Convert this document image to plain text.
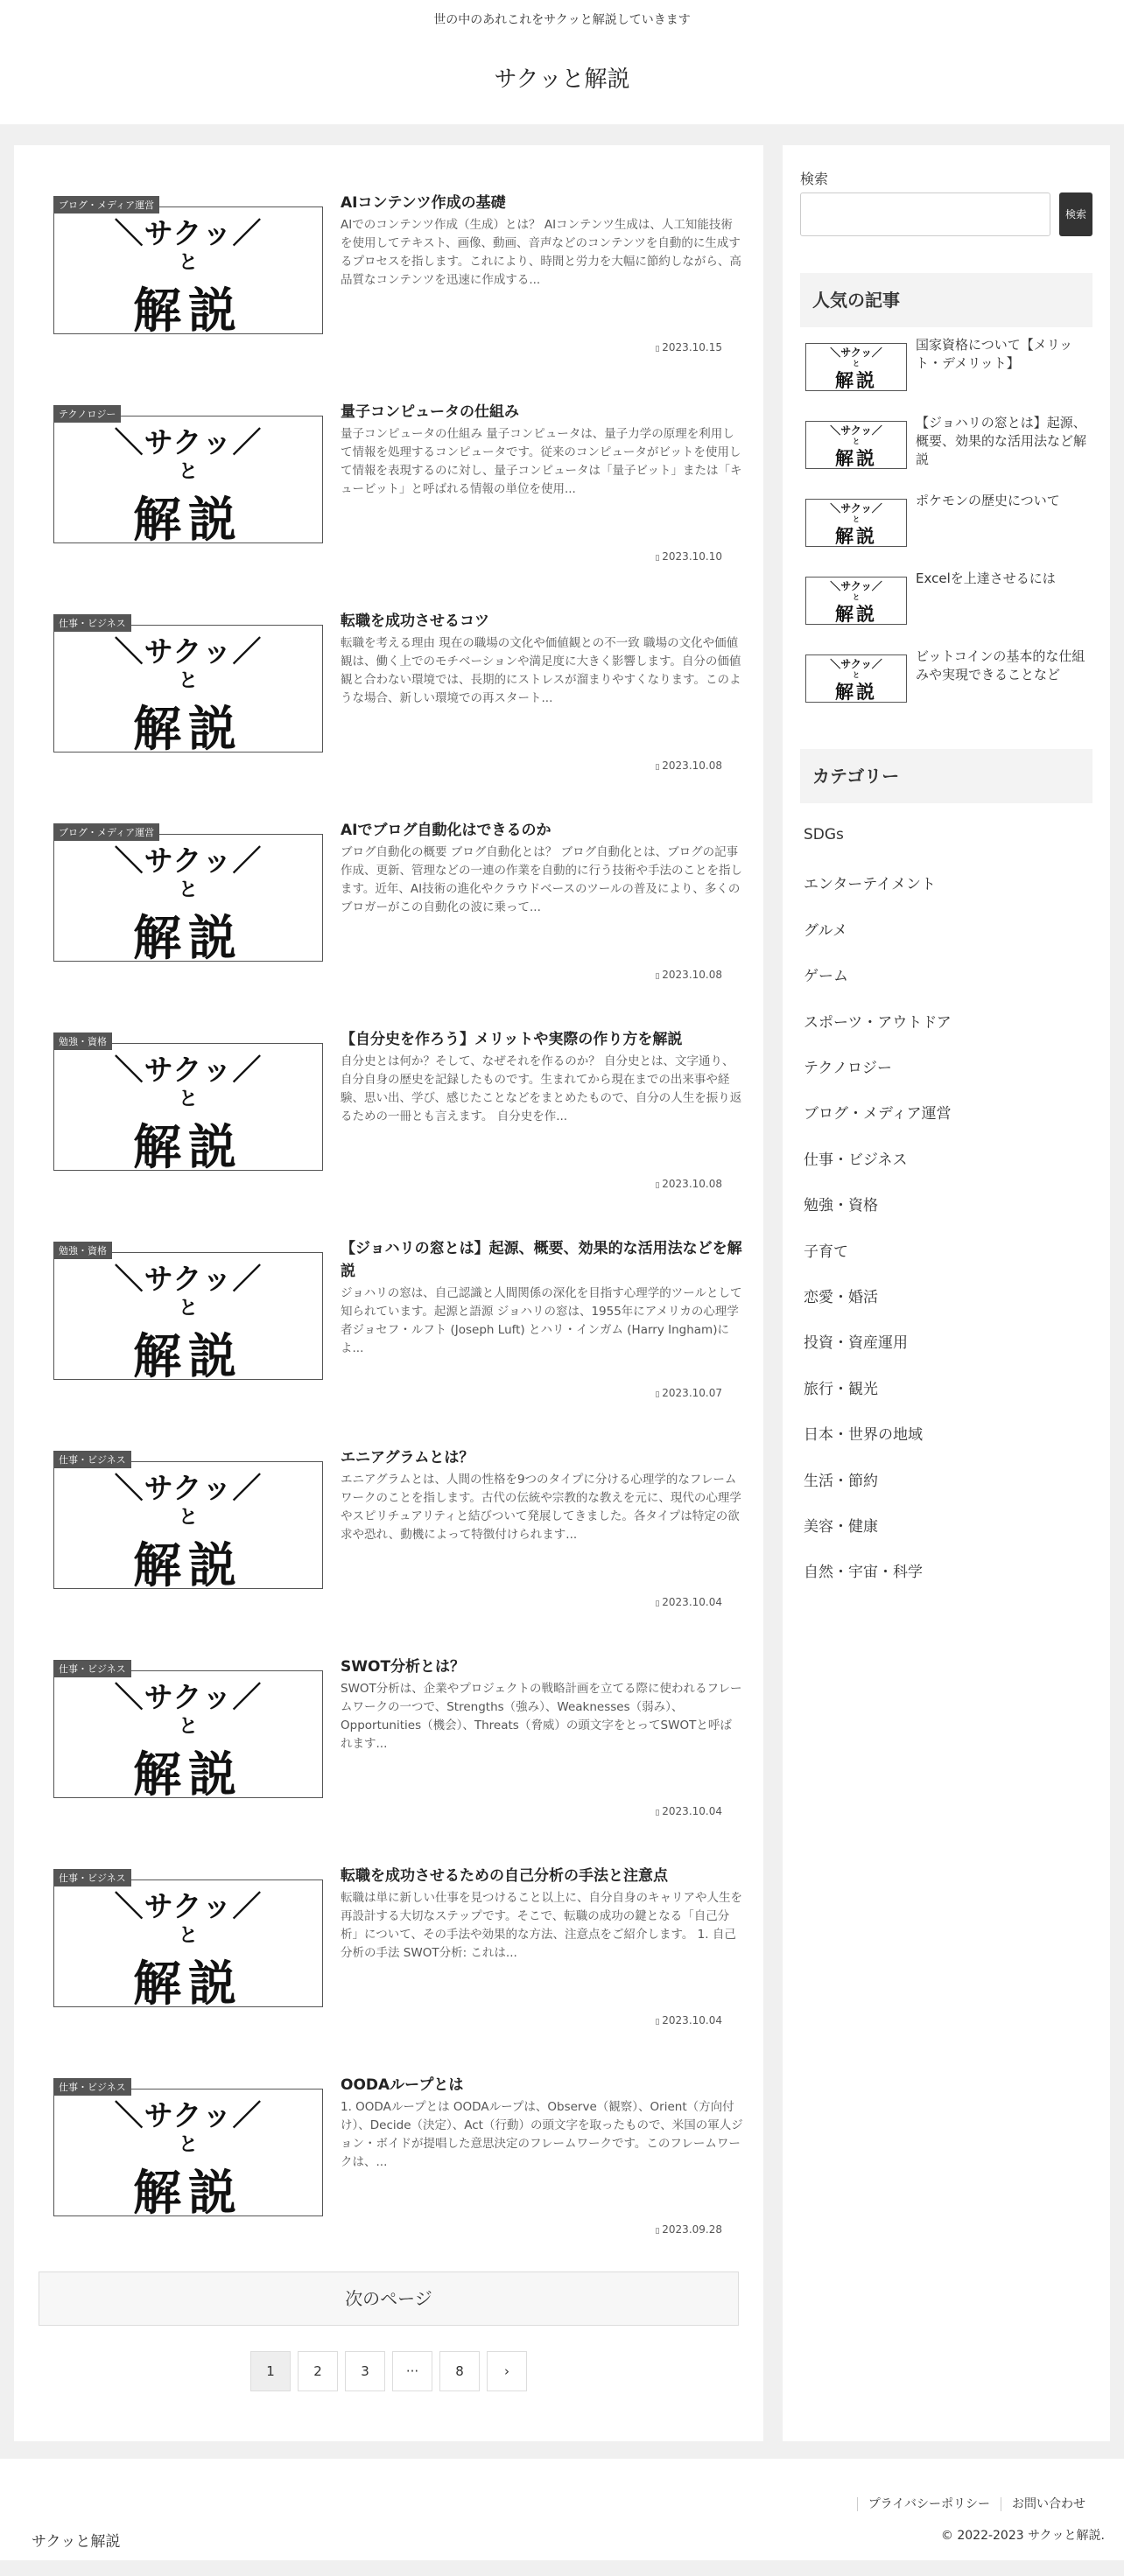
世の中のあれこれをサクッと解説していきます
サクッと解説
次のページ
1	2	3	···	8	›
＼サクッ／
と
解説
ブログ・メディア運営	AIコンテンツ作成の基礎
AIでのコンテンツ作成（生成）とは？ AIコンテンツ生成は、人工知能技術を使用してテキスト、画像、動画、音声などのコンテンツを自動的に生成するプロセスを指します。これにより、時間と労力を大幅に節約しながら、高品質なコンテンツを迅速に作成する...
▯ 2023.10.15
＼サクッ／
と
解説
テクノロジー	量子コンピュータの仕組み
量子コンピュータの仕組み 量子コンピュータは、量子力学の原理を利用して情報を処理するコンピュータです。従来のコンピュータがビットを使用して情報を表現するのに対し、量子コンピュータは「量子ビット」または「キュービット」と呼ばれる情報の単位を使用...
▯ 2023.10.10
＼サクッ／
と
解説
仕事・ビジネス	転職を成功させるコツ
転職を考える理由 現在の職場の文化や価値観との不一致 職場の文化や価値観は、働く上でのモチベーションや満足度に大きく影響します。自分の価値観と合わない環境では、長期的にストレスが溜まりやすくなります。このような場合、新しい環境での再スタート...
▯ 2023.10.08
＼サクッ／
と
解説
ブログ・メディア運営	AIでブログ自動化はできるのか
ブログ自動化の概要 ブログ自動化とは？ ブログ自動化とは、ブログの記事作成、更新、管理などの一連の作業を自動的に行う技術や手法のことを指します。近年、AI技術の進化やクラウドベースのツールの普及により、多くのブロガーがこの自動化の波に乗って...
▯ 2023.10.08
＼サクッ／
と
解説
勉強・資格	【自分史を作ろう】メリットや実際の作り方を解説
自分史とは何か？そして、なぜそれを作るのか？ 自分史とは、文字通り、自分自身の歴史を記録したものです。生まれてから現在までの出来事や経験、思い出、学び、感じたことなどをまとめたもので、自分の人生を振り返るための一冊とも言えます。 自分史を作...
▯ 2023.10.08
＼サクッ／
と
解説
勉強・資格	【ジョハリの窓とは】起源、概要、効果的な活用法などを解説
ジョハリの窓は、自己認識と人間関係の深化を目指す心理学的ツールとして知られています。起源と語源 ジョハリの窓は、1955年にアメリカの心理学者ジョセフ・ルフト (Joseph Luft) とハリ・インガム (Harry Ingham)によ...
▯ 2023.10.07
＼サクッ／
と
解説
仕事・ビジネス	エニアグラムとは？
エニアグラムとは、人間の性格を9つのタイプに分ける心理学的なフレームワークのことを指します。古代の伝統や宗教的な教えを元に、現代の心理学やスピリチュアリティと結びついて発展してきました。各タイプは特定の欲求や恐れ、動機によって特徴付けられます...
▯ 2023.10.04
＼サクッ／
と
解説
仕事・ビジネス	SWOT分析とは？
SWOT分析は、企業やプロジェクトの戦略計画を立てる際に使われるフレームワークの一つで、Strengths（強み）、Weaknesses（弱み）、Opportunities（機会）、Threats（脅威）の頭文字をとってSWOTと呼ばれます...
▯ 2023.10.04
＼サクッ／
と
解説
仕事・ビジネス	転職を成功させるための自己分析の手法と注意点
転職は単に新しい仕事を見つけること以上に、自分自身のキャリアや人生を再設計する大切なステップです。そこで、転職の成功の鍵となる「自己分析」について、その手法や効果的な方法、注意点をご紹介します。 1. 自己分析の手法 SWOT分析: これは...
▯ 2023.10.04
＼サクッ／
と
解説
仕事・ビジネス	OODAループとは
1. OODAループとは OODAループは、Observe（観察）、Orient（方向付け）、Decide（決定）、Act（行動）の頭文字を取ったもので、米国の軍人ジョン・ボイドが提唱した意思決定のフレームワークです。このフレームワークは、...
▯ 2023.09.28
検索
検索
人気の記事
カテゴリー
＼サクッ／
と
解説
国家資格について【メリット・デメリット】
＼サクッ／
と
解説
【ジョハリの窓とは】起源、概要、効果的な活用法など解説
＼サクッ／
と
解説
ポケモンの歴史について
＼サクッ／
と
解説
Excelを上達させるには
＼サクッ／
と
解説
ビットコインの基本的な仕組みや実現できることなど
SDGs
エンターテイメント
グルメ
ゲーム
スポーツ・アウトドア
テクノロジー
ブログ・メディア運営
仕事・ビジネス
勉強・資格
子育て
恋愛・婚活
投資・資産運用
旅行・観光
日本・世界の地域
生活・節約
美容・健康
自然・宇宙・科学
プライバシーポリシー お問い合わせ
サクッと解説	© 2022-2023 サクッと解説.
